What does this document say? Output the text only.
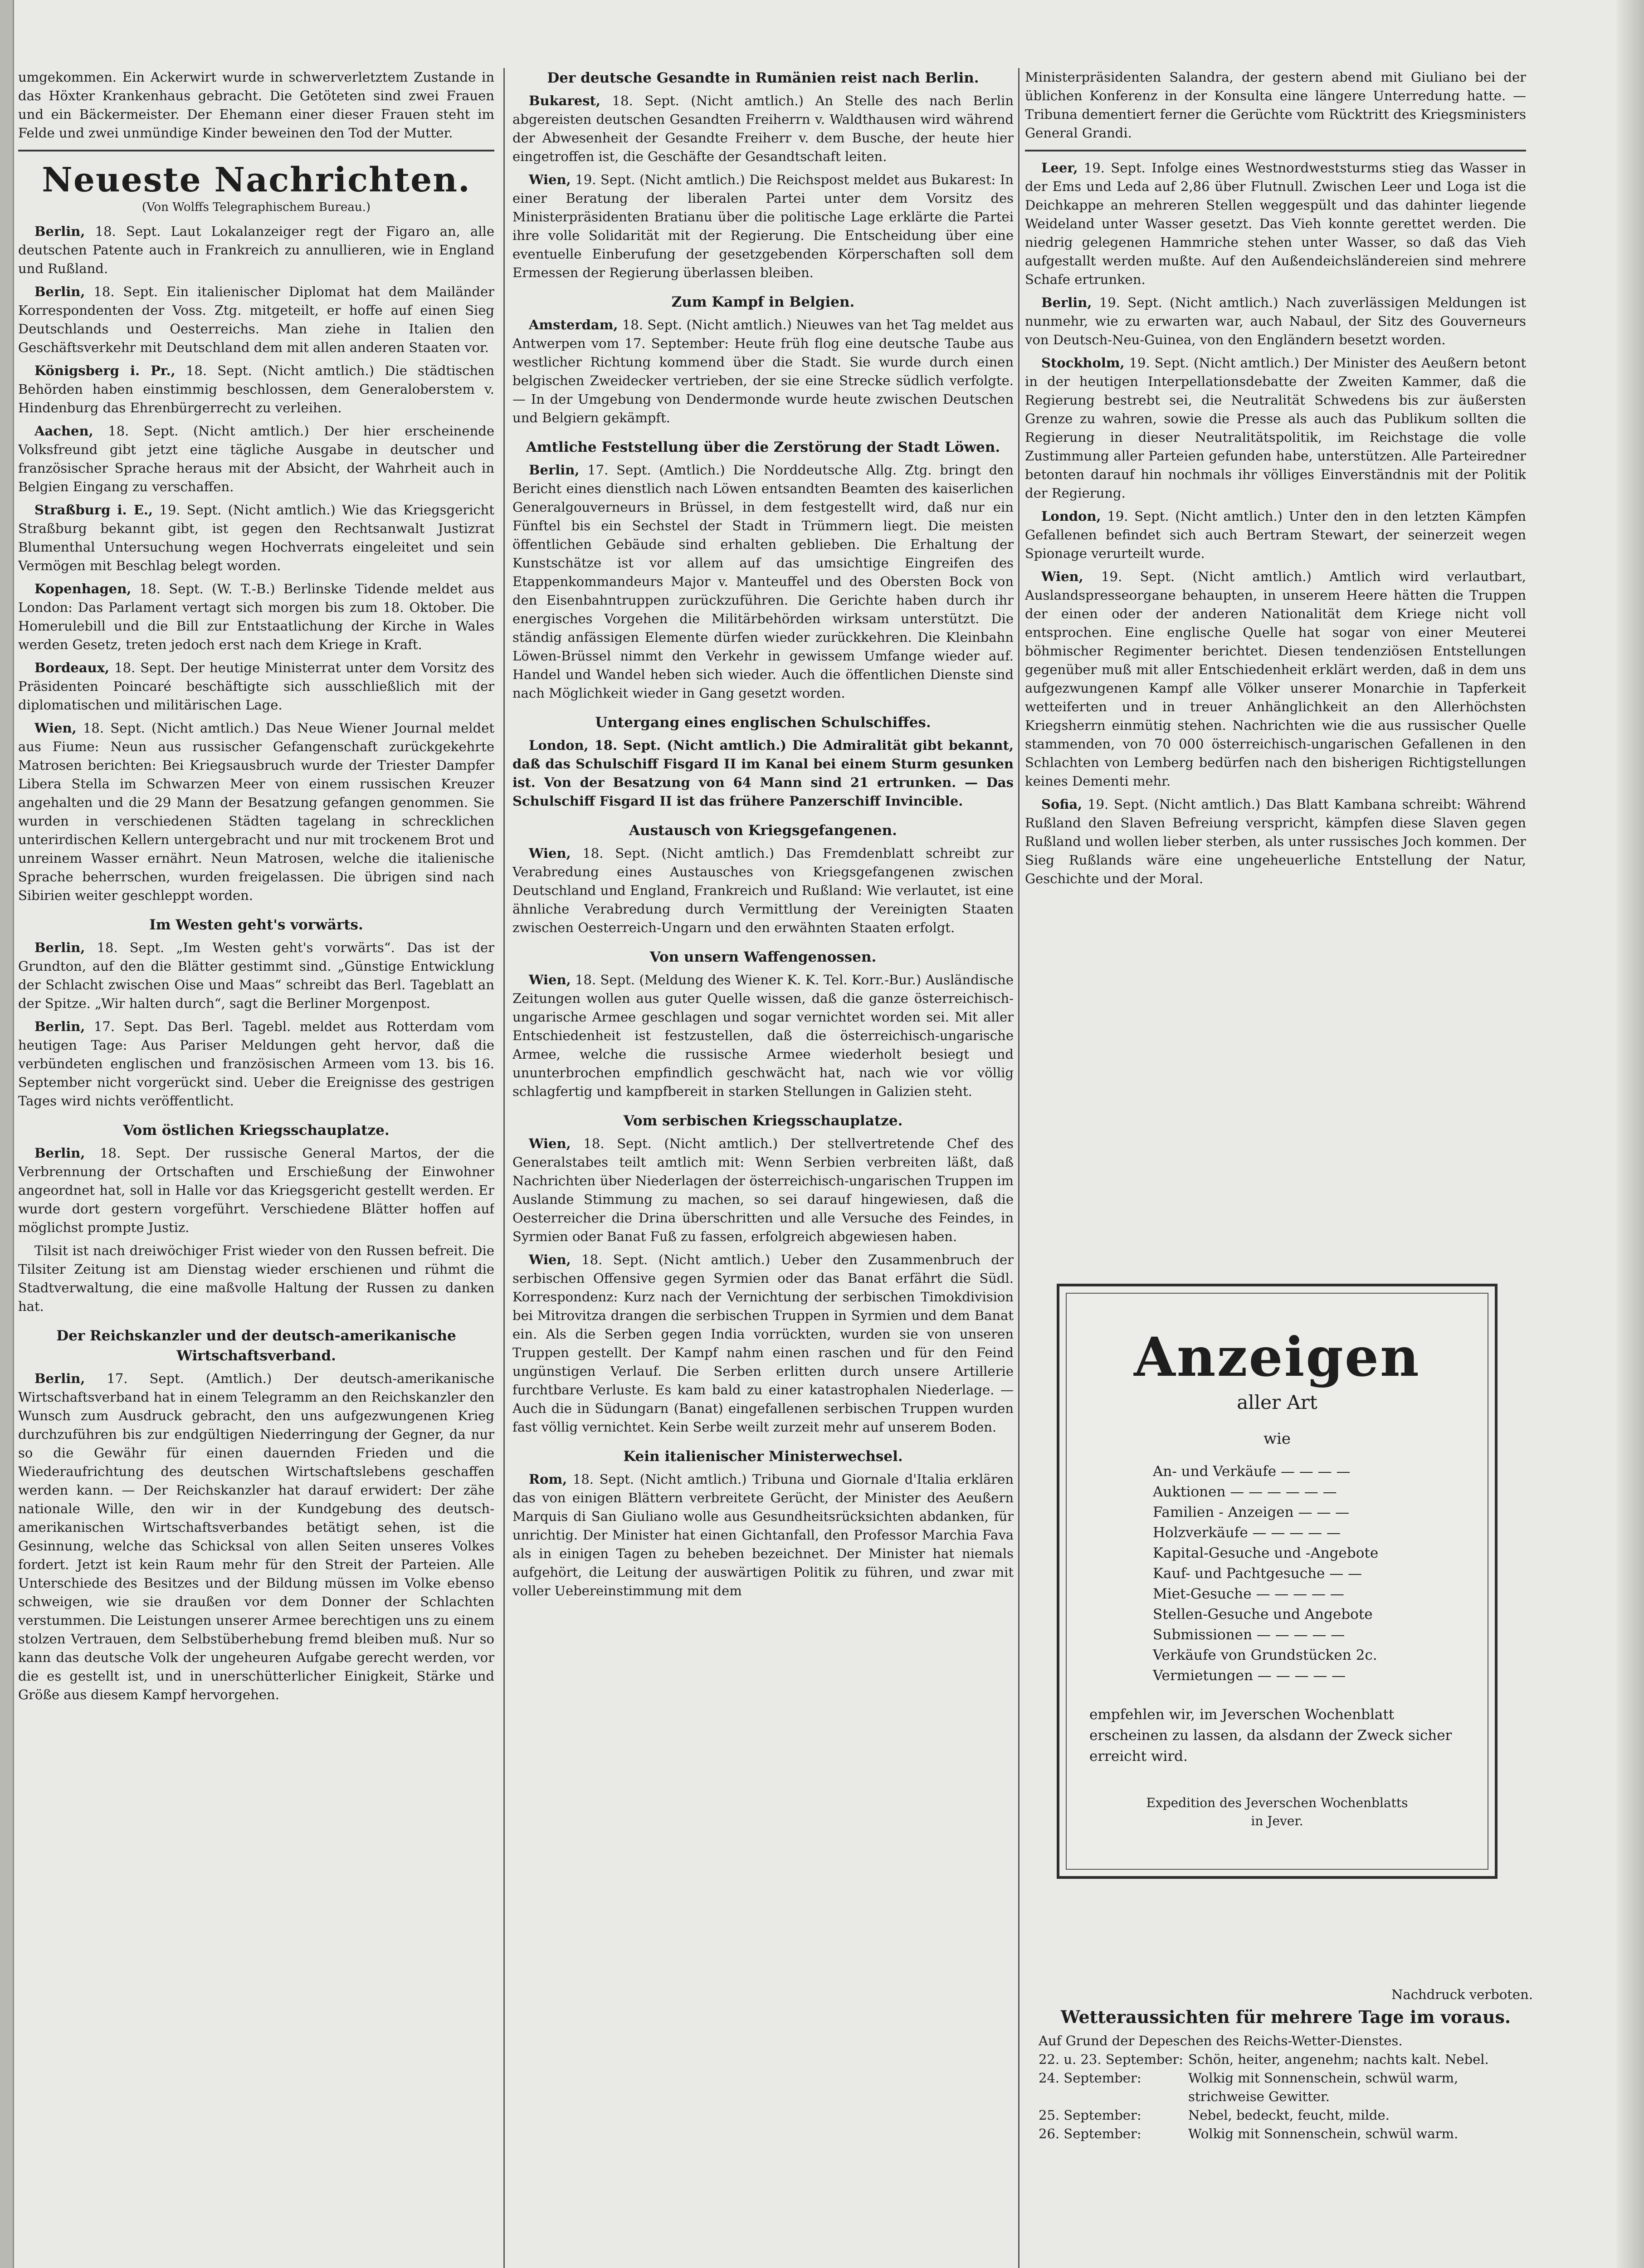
umgekommen. Ein Ackerwirt wurde in schwerverletztem Zustande in das Höxter Krankenhaus gebracht. Die Getöteten sind zwei Frauen und ein Bäckermeister. Der Ehemann einer dieser Frauen steht im Felde und zwei unmündige Kinder beweinen den Tod der Mutter.

Neueste Nachrichten.
(Von Wolffs Telegraphischem Bureau.)

Berlin, 18. Sept. Laut Lokalanzeiger regt der Figaro an, alle deutschen Patente auch in Frankreich zu annullieren, wie in England und Rußland.

Berlin, 18. Sept. Ein italienischer Diplomat hat dem Mailänder Korrespondenten der Voss. Ztg. mitgeteilt, er hoffe auf einen Sieg Deutschlands und Oesterreichs. Man ziehe in Italien den Geschäftsverkehr mit Deutschland dem mit allen anderen Staaten vor.

Königsberg i. Pr., 18. Sept. (Nicht amtlich.) Die städtischen Behörden haben einstimmig beschlossen, dem Generaloberstem v. Hindenburg das Ehrenbürgerrecht zu verleihen.

Aachen, 18. Sept. (Nicht amtlich.) Der hier erscheinende Volksfreund gibt jetzt eine tägliche Ausgabe in deutscher und französischer Sprache heraus mit der Absicht, der Wahrheit auch in Belgien Eingang zu verschaffen.

Straßburg i. E., 19. Sept. (Nicht amtlich.) Wie das Kriegsgericht Straßburg bekannt gibt, ist gegen den Rechtsanwalt Justizrat Blumenthal Untersuchung wegen Hochverrats eingeleitet und sein Vermögen mit Beschlag belegt worden.

Kopenhagen, 18. Sept. (W. T.-B.) Berlinske Tidende meldet aus London: Das Parlament vertagt sich morgen bis zum 18. Oktober. Die Homerulebill und die Bill zur Entstaatlichung der Kirche in Wales werden Gesetz, treten jedoch erst nach dem Kriege in Kraft.

Bordeaux, 18. Sept. Der heutige Ministerrat unter dem Vorsitz des Präsidenten Poincaré beschäftigte sich ausschließlich mit der diplomatischen und militärischen Lage.

Wien, 18. Sept. (Nicht amtlich.) Das Neue Wiener Journal meldet aus Fiume: Neun aus russischer Gefangenschaft zurückgekehrte Matrosen berichten: Bei Kriegsausbruch wurde der Triester Dampfer Libera Stella im Schwarzen Meer von einem russischen Kreuzer angehalten und die 29 Mann der Besatzung gefangen genommen. Sie wurden in verschiedenen Städten tagelang in schrecklichen unterirdischen Kellern untergebracht und nur mit trockenem Brot und unreinem Wasser ernährt. Neun Matrosen, welche die italienische Sprache beherrschen, wurden freigelassen. Die übrigen sind nach Sibirien weiter geschleppt worden.

Im Westen geht's vorwärts.

Berlin, 18. Sept. „Im Westen geht's vorwärts“. Das ist der Grundton, auf den die Blätter gestimmt sind. „Günstige Entwicklung der Schlacht zwischen Oise und Maas“ schreibt das Berl. Tageblatt an der Spitze. „Wir halten durch“, sagt die Berliner Morgenpost.

Berlin, 17. Sept. Das Berl. Tagebl. meldet aus Rotterdam vom heutigen Tage: Aus Pariser Meldungen geht hervor, daß die verbündeten englischen und französischen Armeen vom 13. bis 16. September nicht vorgerückt sind. Ueber die Ereignisse des gestrigen Tages wird nichts veröffentlicht.

Vom östlichen Kriegsschauplatze.

Berlin, 18. Sept. Der russische General Martos, der die Verbrennung der Ortschaften und Erschießung der Einwohner angeordnet hat, soll in Halle vor das Kriegsgericht gestellt werden. Er wurde dort gestern vorgeführt. Verschiedene Blätter hoffen auf möglichst prompte Justiz.

Tilsit ist nach dreiwöchiger Frist wieder von den Russen befreit. Die Tilsiter Zeitung ist am Dienstag wieder erschienen und rühmt die Stadtverwaltung, die eine maßvolle Haltung der Russen zu danken hat.

Der Reichskanzler und der deutsch-amerikanische Wirtschaftsverband.

Berlin, 17. Sept. (Amtlich.) Der deutsch-amerikanische Wirtschaftsverband hat in einem Telegramm an den Reichskanzler den Wunsch zum Ausdruck gebracht, den uns aufgezwungenen Krieg durchzuführen bis zur endgültigen Niederringung der Gegner, da nur so die Gewähr für einen dauernden Frieden und die Wiederaufrichtung des deutschen Wirtschaftslebens geschaffen werden kann. — Der Reichskanzler hat darauf erwidert: Der zähe nationale Wille, den wir in der Kundgebung des deutsch-amerikanischen Wirtschaftsverbandes betätigt sehen, ist die Gesinnung, welche das Schicksal von allen Seiten unseres Volkes fordert. Jetzt ist kein Raum mehr für den Streit der Parteien. Alle Unterschiede des Besitzes und der Bildung müssen im Volke ebenso schweigen, wie sie draußen vor dem Donner der Schlachten verstummen. Die Leistungen unserer Armee berechtigen uns zu einem stolzen Vertrauen, dem Selbstüberhebung fremd bleiben muß. Nur so kann das deutsche Volk der ungeheuren Aufgabe gerecht werden, vor die es gestellt ist, und in unerschütterlicher Einigkeit, Stärke und Größe aus diesem Kampf hervorgehen.

Der deutsche Gesandte in Rumänien reist nach Berlin.

Bukarest, 18. Sept. (Nicht amtlich.) An Stelle des nach Berlin abgereisten deutschen Gesandten Freiherrn v. Waldthausen wird während der Abwesenheit der Gesandte Freiherr v. dem Busche, der heute hier eingetroffen ist, die Geschäfte der Gesandtschaft leiten.

Wien, 19. Sept. (Nicht amtlich.) Die Reichspost meldet aus Bukarest: In einer Beratung der liberalen Partei unter dem Vorsitz des Ministerpräsidenten Bratianu über die politische Lage erklärte die Partei ihre volle Solidarität mit der Regierung. Die Entscheidung über eine eventuelle Einberufung der gesetzgebenden Körperschaften soll dem Ermessen der Regierung überlassen bleiben.

Zum Kampf in Belgien.

Amsterdam, 18. Sept. (Nicht amtlich.) Nieuwes van het Tag meldet aus Antwerpen vom 17. September: Heute früh flog eine deutsche Taube aus westlicher Richtung kommend über die Stadt. Sie wurde durch einen belgischen Zweidecker vertrieben, der sie eine Strecke südlich verfolgte. — In der Umgebung von Dendermonde wurde heute zwischen Deutschen und Belgiern gekämpft.

Amtliche Feststellung über die Zerstörung der Stadt Löwen.

Berlin, 17. Sept. (Amtlich.) Die Norddeutsche Allg. Ztg. bringt den Bericht eines dienstlich nach Löwen entsandten Beamten des kaiserlichen Generalgouverneurs in Brüssel, in dem festgestellt wird, daß nur ein Fünftel bis ein Sechstel der Stadt in Trümmern liegt. Die meisten öffentlichen Gebäude sind erhalten geblieben. Die Erhaltung der Kunstschätze ist vor allem auf das umsichtige Eingreifen des Etappenkommandeurs Major v. Manteuffel und des Obersten Bock von den Eisenbahntruppen zurückzuführen. Die Gerichte haben durch ihr energisches Vorgehen die Militärbehörden wirksam unterstützt. Die ständig anfässigen Elemente dürfen wieder zurückkehren. Die Kleinbahn Löwen-Brüssel nimmt den Verkehr in gewissem Umfange wieder auf. Handel und Wandel heben sich wieder. Auch die öffentlichen Dienste sind nach Möglichkeit wieder in Gang gesetzt worden.

Untergang eines englischen Schulschiffes.

London, 18. Sept. (Nicht amtlich.) Die Admiralität gibt bekannt, daß das Schulschiff Fisgard II im Kanal bei einem Sturm gesunken ist. Von der Besatzung von 64 Mann sind 21 ertrunken. — Das Schulschiff Fisgard II ist das frühere Panzerschiff Invincible.

Austausch von Kriegsgefangenen.

Wien, 18. Sept. (Nicht amtlich.) Das Fremdenblatt schreibt zur Verabredung eines Austausches von Kriegsgefangenen zwischen Deutschland und England, Frankreich und Rußland: Wie verlautet, ist eine ähnliche Verabredung durch Vermittlung der Vereinigten Staaten zwischen Oesterreich-Ungarn und den erwähnten Staaten erfolgt.

Von unsern Waffengenossen.

Wien, 18. Sept. (Meldung des Wiener K. K. Tel. Korr.-Bur.) Ausländische Zeitungen wollen aus guter Quelle wissen, daß die ganze österreichisch-ungarische Armee geschlagen und sogar vernichtet worden sei. Mit aller Entschiedenheit ist festzustellen, daß die österreichisch-ungarische Armee, welche die russische Armee wiederholt besiegt und ununterbrochen empfindlich geschwächt hat, nach wie vor völlig schlagfertig und kampfbereit in starken Stellungen in Galizien steht.

Vom serbischen Kriegsschauplatze.

Wien, 18. Sept. (Nicht amtlich.) Der stellvertretende Chef des Generalstabes teilt amtlich mit: Wenn Serbien verbreiten läßt, daß Nachrichten über Niederlagen der österreichisch-ungarischen Truppen im Auslande Stimmung zu machen, so sei darauf hingewiesen, daß die Oesterreicher die Drina überschritten und alle Versuche des Feindes, in Syrmien oder Banat Fuß zu fassen, erfolgreich abgewiesen haben.

Wien, 18. Sept. (Nicht amtlich.) Ueber den Zusammenbruch der serbischen Offensive gegen Syrmien oder das Banat erfährt die Südl. Korrespondenz: Kurz nach der Vernichtung der serbischen Timokdivision bei Mitrovitza drangen die serbischen Truppen in Syrmien und dem Banat ein. Als die Serben gegen India vorrückten, wurden sie von unseren Truppen gestellt. Der Kampf nahm einen raschen und für den Feind ungünstigen Verlauf. Die Serben erlitten durch unsere Artillerie furchtbare Verluste. Es kam bald zu einer katastrophalen Niederlage. — Auch die in Südungarn (Banat) eingefallenen serbischen Truppen wurden fast völlig vernichtet. Kein Serbe weilt zurzeit mehr auf unserem Boden.

Kein italienischer Ministerwechsel.

Rom, 18. Sept. (Nicht amtlich.) Tribuna und Giornale d'Italia erklären das von einigen Blättern verbreitete Gerücht, der Minister des Aeußern Marquis di San Giuliano wolle aus Gesundheitsrücksichten abdanken, für unrichtig. Der Minister hat einen Gichtanfall, den Professor Marchia Fava als in einigen Tagen zu beheben bezeichnet. Der Minister hat niemals aufgehört, die Leitung der auswärtigen Politik zu führen, und zwar mit voller Uebereinstimmung mit dem

Ministerpräsidenten Salandra, der gestern abend mit Giuliano bei der üblichen Konferenz in der Konsulta eine längere Unterredung hatte. — Tribuna dementiert ferner die Gerüchte vom Rücktritt des Kriegsministers General Grandi.

Leer, 19. Sept. Infolge eines Westnordweststurms stieg das Wasser in der Ems und Leda auf 2,86 über Flutnull. Zwischen Leer und Loga ist die Deichkappe an mehreren Stellen weggespült und das dahinter liegende Weideland unter Wasser gesetzt. Das Vieh konnte gerettet werden. Die niedrig gelegenen Hammriche stehen unter Wasser, so daß das Vieh aufgestallt werden mußte. Auf den Außendeichsländereien sind mehrere Schafe ertrunken.

Berlin, 19. Sept. (Nicht amtlich.) Nach zuverlässigen Meldungen ist nunmehr, wie zu erwarten war, auch Nabaul, der Sitz des Gouverneurs von Deutsch-Neu-Guinea, von den Engländern besetzt worden.

Stockholm, 19. Sept. (Nicht amtlich.) Der Minister des Aeußern betont in der heutigen Interpellationsdebatte der Zweiten Kammer, daß die Regierung bestrebt sei, die Neutralität Schwedens bis zur äußersten Grenze zu wahren, sowie die Presse als auch das Publikum sollten die Regierung in dieser Neutralitätspolitik, im Reichstage die volle Zustimmung aller Parteien gefunden habe, unterstützen. Alle Parteiredner betonten darauf hin nochmals ihr völliges Einverständnis mit der Politik der Regierung.

London, 19. Sept. (Nicht amtlich.) Unter den in den letzten Kämpfen Gefallenen befindet sich auch Bertram Stewart, der seinerzeit wegen Spionage verurteilt wurde.

Wien, 19. Sept. (Nicht amtlich.) Amtlich wird verlautbart, Auslandspresseorgane behaupten, in unserem Heere hätten die Truppen der einen oder der anderen Nationalität dem Kriege nicht voll entsprochen. Eine englische Quelle hat sogar von einer Meuterei böhmischer Regimenter berichtet. Diesen tendenziösen Entstellungen gegenüber muß mit aller Entschiedenheit erklärt werden, daß in dem uns aufgezwungenen Kampf alle Völker unserer Monarchie in Tapferkeit wetteiferten und in treuer Anhänglichkeit an den Allerhöchsten Kriegsherrn einmütig stehen. Nachrichten wie die aus russischer Quelle stammenden, von 70 000 österreichisch-ungarischen Gefallenen in den Schlachten von Lemberg bedürfen nach den bisherigen Richtigstellungen keines Dementi mehr.

Sofia, 19. Sept. (Nicht amtlich.) Das Blatt Kambana schreibt: Während Rußland den Slaven Befreiung verspricht, kämpfen diese Slaven gegen Rußland und wollen lieber sterben, als unter russisches Joch kommen. Der Sieg Rußlands wäre eine ungeheuerliche Entstellung der Natur, Geschichte und der Moral.

Anzeigen
aller Art
wie
An- und Verkäufe — — — —
Auktionen — — — — — —
Familien - Anzeigen — — —
Holzverkäufe — — — — —
Kapital-Gesuche und -Angebote
Kauf- und Pachtgesuche — —
Miet-Gesuche — — — — —
Stellen-Gesuche und Angebote
Submissionen — — — — —
Verkäufe von Grundstücken 2c.
Vermietungen — — — — —
empfehlen wir, im Jeverschen Wochenblatt erscheinen zu lassen, da alsdann der Zweck sicher erreicht wird.
Expedition des Jeverschen Wochenblatts
in Jever.
Nachdruck verboten.
Wetteraussichten für mehrere Tage im voraus.
Auf Grund der Depeschen des Reichs-Wetter-Dienstes.
22. u. 23. September: Schön, heiter, angenehm; nachts kalt. Nebel.
24. September:	Wolkig mit Sonnenschein, schwül warm, strichweise Gewitter.
25. September:	Nebel, bedeckt, feucht, milde.
26. September:	Wolkig mit Sonnenschein, schwül warm.
